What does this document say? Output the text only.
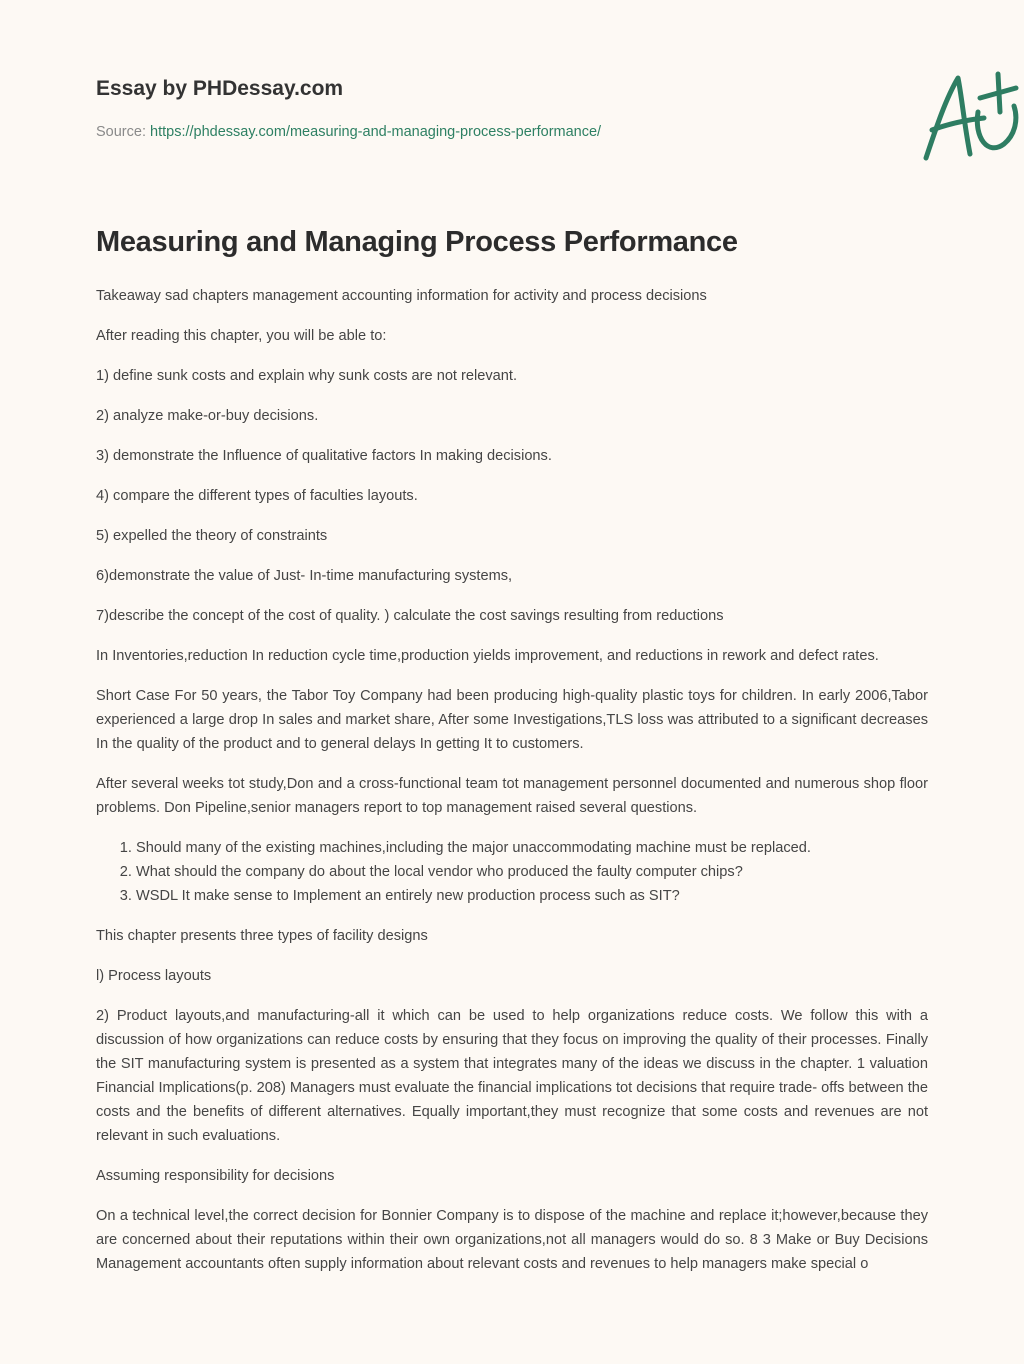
Essay by PHDessay.com
Source: https://phdessay.com/measuring-and-managing-process-performance/
Measuring and Managing Process Performance

Takeaway sad chapters management accounting information for activity and process decisions

After reading this chapter, you will be able to:

1) define sunk costs and explain why sunk costs are not relevant.

2) analyze make-or-buy decisions.

3) demonstrate the Influence of qualitative factors In making decisions.

4) compare the different types of faculties layouts.

5) expelled the theory of constraints

6)demonstrate the value of Just- In-time manufacturing systems,

7)describe the concept of the cost of quality. ) calculate the cost savings resulting from reductions

In Inventories,reduction In reduction cycle time,production yields improvement, and reductions in rework and defect rates.

Short Case For 50 years, the Tabor Toy Company had been producing high-quality plastic toys for children. In early 2006,Tabor experienced a large drop In sales and market share, After some Investigations,TLS loss was attributed to a significant decreases In the quality of the product and to general delays In getting It to customers.

After several weeks tot study,Don and a cross-functional team tot management personnel documented and numerous shop floor problems. Don Pipeline,senior managers report to top management raised several questions.

1. Should many of the existing machines,including the major unaccommodating machine must be replaced.
2. What should the company do about the local vendor who produced the faulty computer chips?
3. WSDL It make sense to Implement an entirely new production process such as SIT?

This chapter presents three types of facility designs

l) Process layouts

2) Product layouts,and manufacturing-all it which can be used to help organizations reduce costs. We follow this with a discussion of how organizations can reduce costs by ensuring that they focus on improving the quality of their processes. Finally the SIT manufacturing system is presented as a system that integrates many of the ideas we discuss in the chapter. 1 valuation Financial Implications(p. 208) Managers must evaluate the financial implications tot decisions that require trade- offs between the costs and the benefits of different alternatives. Equally important,they must recognize that some costs and revenues are not relevant in such evaluations.

Assuming responsibility for decisions

On a technical level,the correct decision for Bonnier Company is to dispose of the machine and replace it;however,because they are concerned about their reputations within their own organizations,not all managers would do so. 8 3 Make or Buy Decisions Management accountants often supply information about relevant costs and revenues to help managers make special o
